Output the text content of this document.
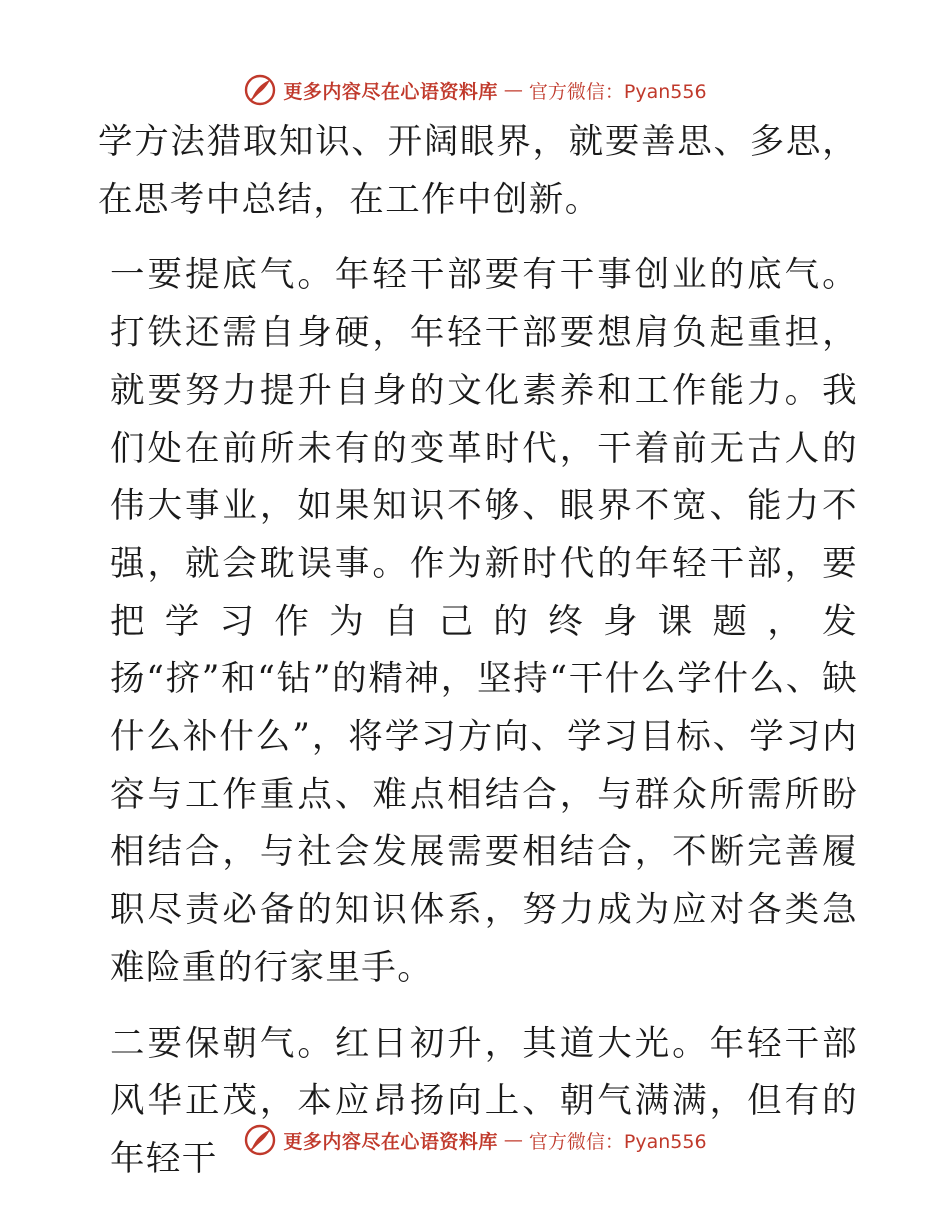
更多内容尽在心语资料库 — 官方微信：Pyan556

学方法猎取知识、开阔眼界，就要善思、多思，在思考中总结，在工作中创新。

一要提底气。年轻干部要有干事创业的底气。打铁还需自身硬，年轻干部要想肩负起重担，就要努力提升自身的文化素养和工作能力。我们处在前所未有的变革时代，干着前无古人的伟大事业，如果知识不够、眼界不宽、能力不强，就会耽误事。作为新时代的年轻干部，要把学习作为自己的终身课题，发扬“挤”和“钻”的精神，坚持“干什么学什么、缺什么补什么”，将学习方向、学习目标、学习内容与工作重点、难点相结合，与群众所需所盼相结合，与社会发展需要相结合，不断完善履职尽责必备的知识体系，努力成为应对各类急难险重的行家里手。

二要保朝气。红日初升，其道大光。年轻干部风华正茂，本应昂扬向上、朝气满满，但有的年轻干	更多内容尽在心语资料库 — 官方微信：Pyan556
